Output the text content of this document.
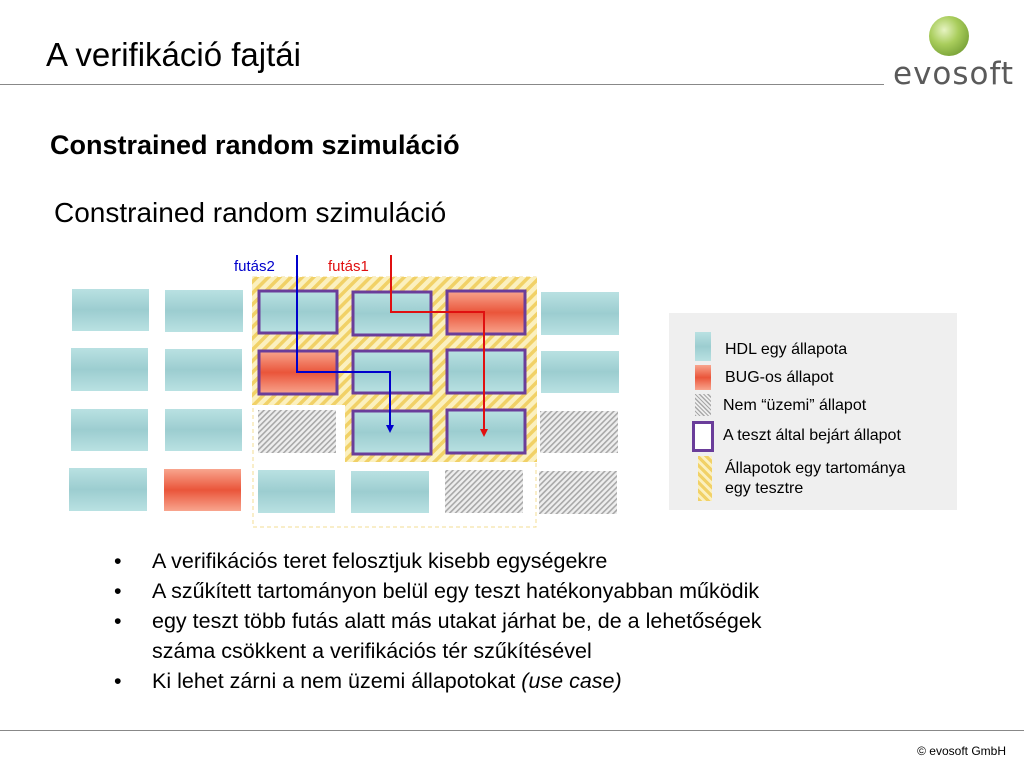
A verifikáció fajtái
evosoft
Constrained random szimuláció
Constrained random szimuláció
futás2	futás1
HDL egy állapota
BUG-os állapot
Nem “üzemi” állapot
A teszt által bejárt állapot
Állapotok egy tartománya
egy tesztre
•	A verifikációs teret felosztjuk kisebb egységekre
•	A szűkített tartományon belül egy teszt hatékonyabban működik
•	egy teszt több futás alatt más utakat járhat be, de a lehetőségek
száma csökkent a verifikációs tér szűkítésével
•	Ki lehet zárni a nem üzemi állapotokat (use case)
© evosoft GmbH
